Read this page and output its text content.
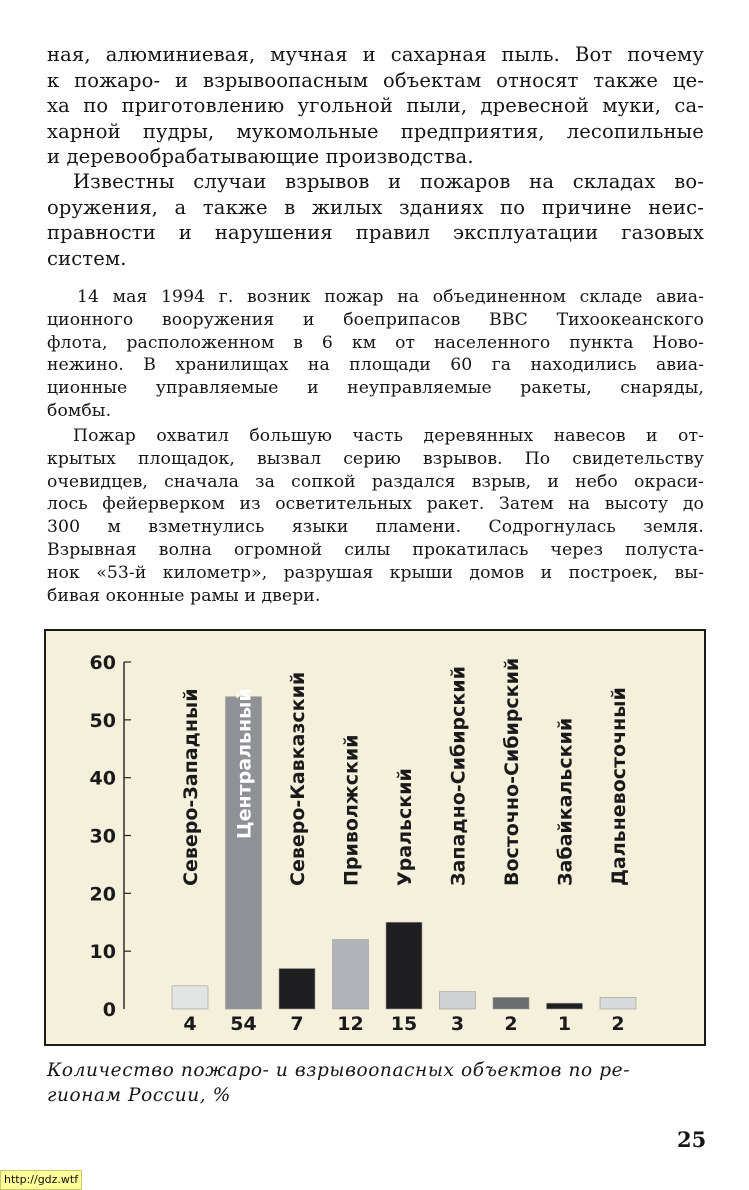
ная, алюминиевая, мучная и сахарная пыль. Вот почему
к пожаро- и взрывоопасным объектам относят также це-
ха по приготовлению угольной пыли, древесной муки, са-
харной пудры, мукомольные предприятия, лесопильные
и деревообрабатывающие производства.
Известны случаи взрывов и пожаров на складах во-
оружения, а также в жилых зданиях по причине неис-
правности и нарушения правил эксплуатации газовых
систем.
14 мая 1994 г. возник пожар на объединенном складе авиа-
ционного вооружения и боеприпасов ВВС Тихоокеанского
флота, расположенном в 6 км от населенного пункта Ново-
нежино. В хранилищах на площади 60 га находились авиа-
ционные управляемые и неуправляемые ракеты, снаряды,
бомбы.
Пожар охватил большую часть деревянных навесов и от-
крытых площадок, вызвал серию взрывов. По свидетельству
очевидцев, сначала за сопкой раздался взрыв, и небо окраси-
лось фейерверком из осветительных ракет. Затем на высоту до
300 м взметнулись языки пламени. Содрогнулась земля.
Взрывная волна огромной силы прокатилась через полуста-
нок «53-й километр», разрушая крыши домов и построек, вы-
бивая оконные рамы и двери.
0
10
20
30
40
50
60
4
Северо-Западный
54
Центральный
7
Северо-Кавказский
12
Приволжский
15
Уральский
3
Западно-Сибирский
2
Восточно-Сибирский
1
Забайкальский
2
Дальневосточный

Количество пожаро- и взрывоопасных объектов по ре-
гионам России, %

25
http://gdz.wtf
